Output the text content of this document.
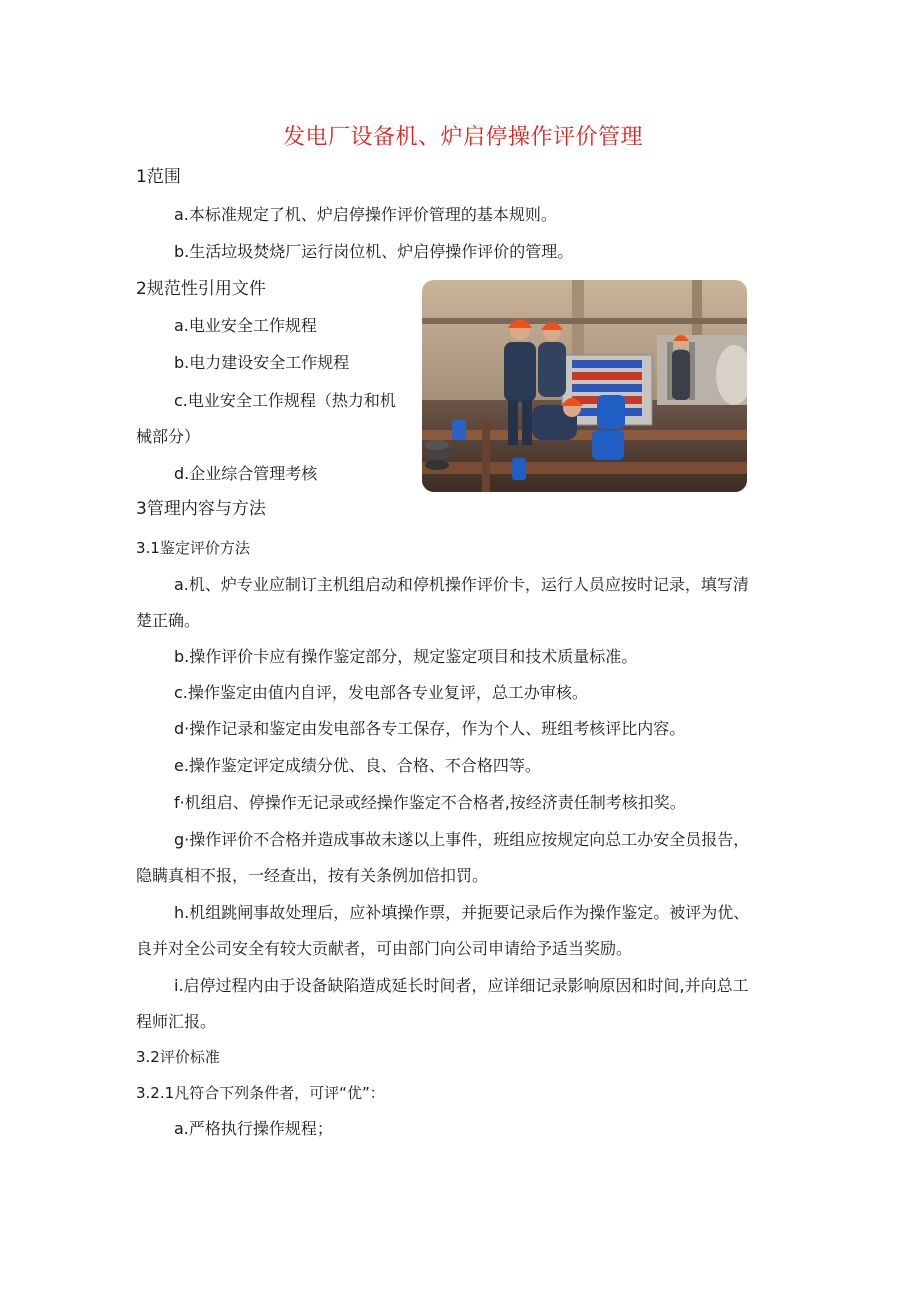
发电厂设备机、炉启停操作评价管理
1范围
a.本标准规定了机、炉启停操作评价管理的基本规则。
b.生活垃圾焚烧厂运行岗位机、炉启停操作评价的管理。
2规范性引用文件
a.电业安全工作规程
b.电力建设安全工作规程
c.电业安全工作规程（热力和机
械部分）
d.企业综合管理考核
3管理内容与方法
3.1鉴定评价方法
a.机、炉专业应制订主机组启动和停机操作评价卡，运行人员应按时记录，填写清
楚正确。
b.操作评价卡应有操作鉴定部分，规定鉴定项目和技术质量标准。
c.操作鉴定由值内自评，发电部各专业复评，总工办审核。
d·操作记录和鉴定由发电部各专工保存，作为个人、班组考核评比内容。
e.操作鉴定评定成绩分优、良、合格、不合格四等。
f·机组启、停操作无记录或经操作鉴定不合格者,按经济责任制考核扣奖。
g·操作评价不合格并造成事故未遂以上事件，班组应按规定向总工办安全员报告，
隐瞒真相不报，一经查出，按有关条例加倍扣罚。
h.机组跳闸事故处理后，应补填操作票，并扼要记录后作为操作鉴定。被评为优、
良并对全公司安全有较大贡献者，可由部门向公司申请给予适当奖励。
i.启停过程内由于设备缺陷造成延长时间者，应详细记录影响原因和时间,并向总工
程师汇报。
3.2评价标准
3.2.1凡符合下列条件者，可评“优”：
a.严格执行操作规程；
